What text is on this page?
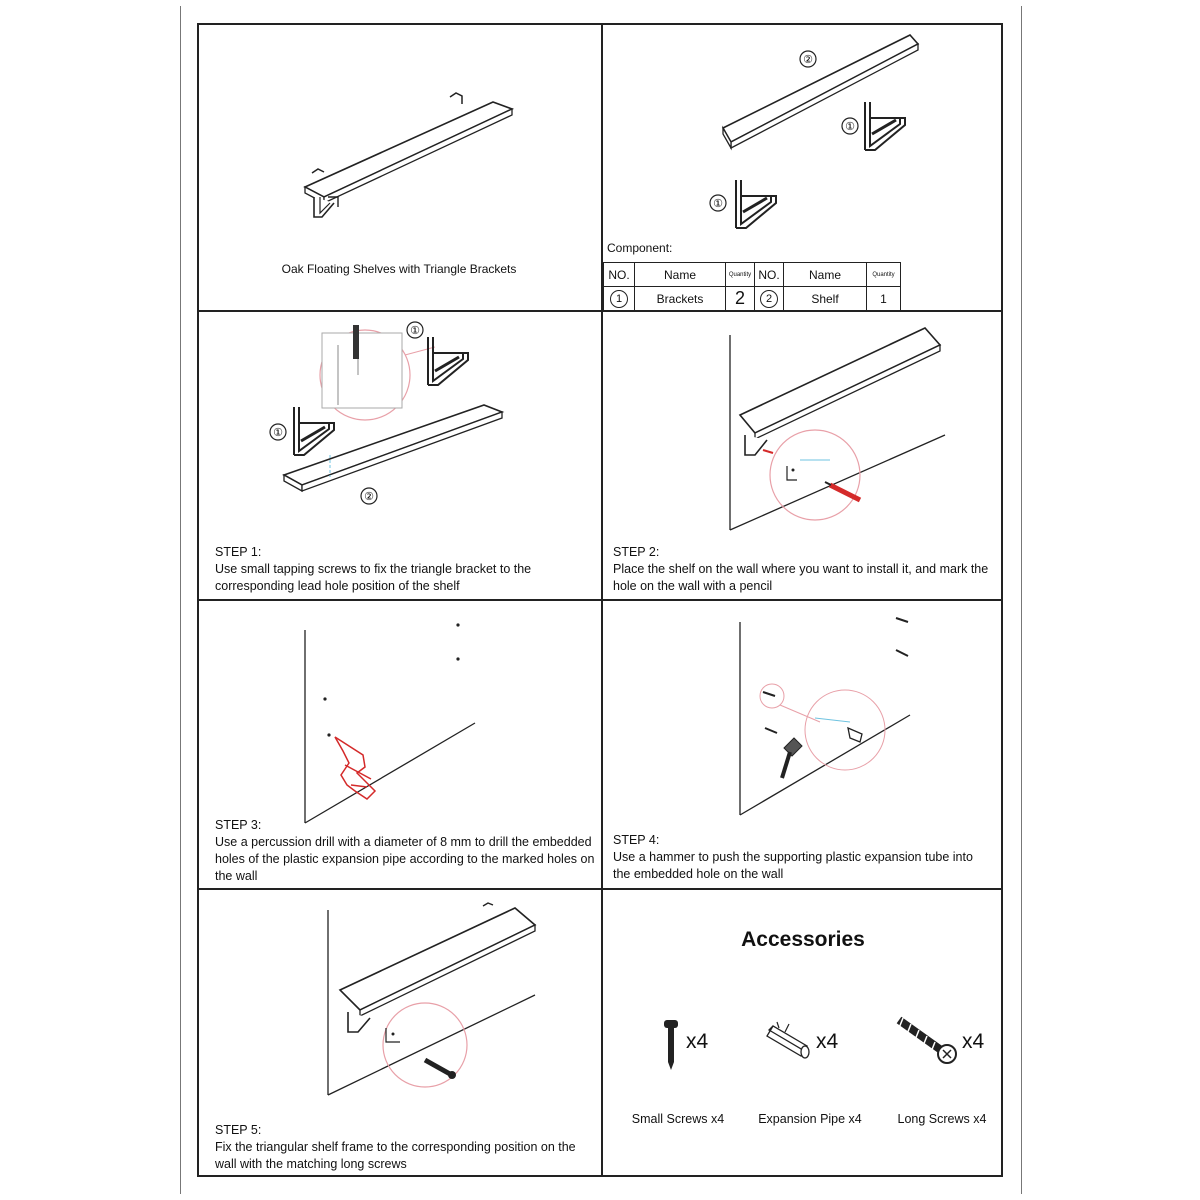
Oak Floating Shelves with Triangle Brackets
②
①
①
Component:
NO.	Name	Quantity	NO.	Name	Quantity
1	Brackets	2	2	Shelf	1
①
①
②
STEP 1:
Use small tapping screws to fix the triangle bracket to the corresponding lead hole position of the shelf
STEP 2:
Place the shelf on the wall where you want to install it, and mark the hole on the wall with a pencil
STEP 3:
Use a percussion drill with a diameter of 8 mm to drill the embedded holes of the plastic expansion pipe according to the marked holes on the wall
STEP 4:
Use a hammer to push the supporting plastic expansion tube into the embedded hole on the wall
STEP 5:
Fix the triangular shelf frame to the corresponding position on the wall with the matching long screws
Accessories
x4	x4	x4
Small Screws x4	Expansion Pipe x4	Long Screws x4
